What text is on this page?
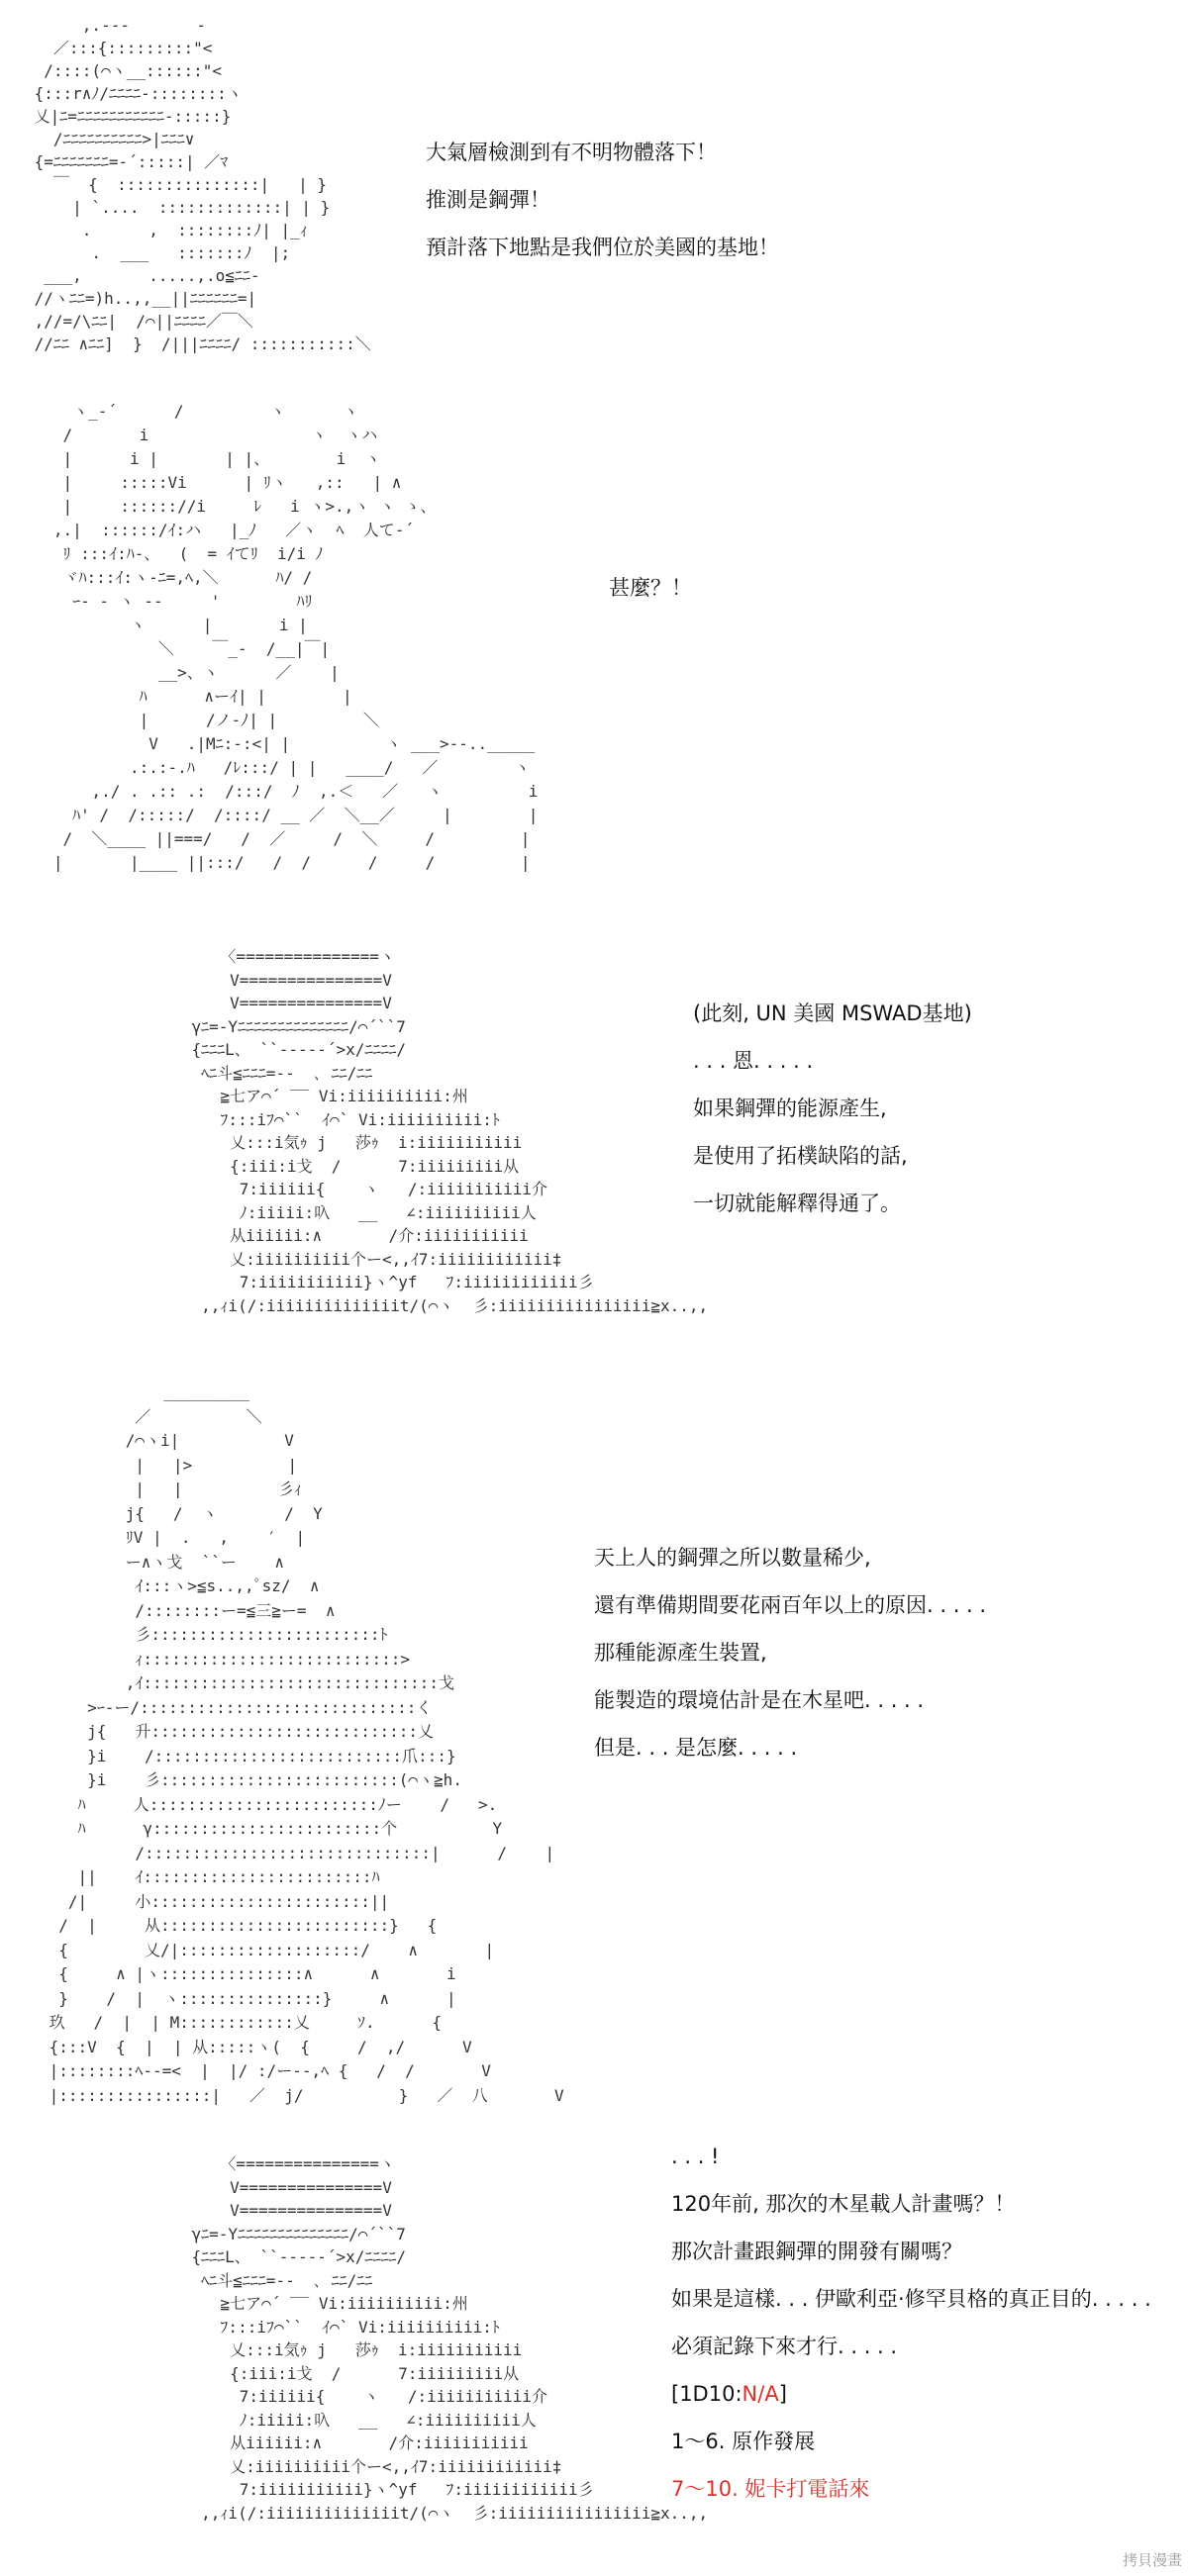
,.---       -
／:::{:::::::::"<
/::::(⌒ヽ__::::::"<
{:::r∧ﾉ/ﾆﾆﾆﾆ-::::::::ヽ
乂|ﾆ=ﾆﾆﾆﾆﾆﾆﾆﾆﾆﾆﾆ-:::::}
/ﾆﾆﾆﾆﾆﾆﾆﾆﾆﾆ>|ﾆﾆﾆ∨
{=ﾆﾆﾆﾆﾆﾆﾆ=-´:::::| ／ﾏ
￣  {  :::::::::::::::|   | }
| `....  :::::::::::::| | }
.      ,  ::::::::ﾉ| |_ｨ
.  ___   :::::::ﾉ  |;
___,       .....,.o≦ﾆﾆ-
//ヽﾆﾆ=)h..,,__||ﾆﾆﾆﾆﾆﾆ=|
,//=/\ﾆﾆ|  /⌒||ﾆﾆﾆﾆ／￣＼
//ﾆﾆ ∧ﾆﾆ]  }  /|||ﾆﾆﾆﾆ/ :::::::::::＼
大氣層檢測到有不明物體落下！
推測是鋼彈！
預計落下地點是我們位於美國的基地！
ヽ_-´      /         ヽ      ヽ
/       i                 ヽ  ヽハ
|      i |       | |、       i  ヽ
|     :::::Vi      | ﾘヽ   ,::   | ∧
|     :::::://i     ﾚ   i ヽ>.,ヽ ヽ ゝ、
,.|  ::::::/ｲ:ハ   |_ﾉ   ／ヽ  ﾍ  人て‐´
ﾘ :::ｲ:ﾊ-、  (  = ｲてﾘ  i/i ﾉ
ヾﾊ:::ｲ:ヽ-ﾆ=,ﾍ,＼      ﾊ/ /
ｰ- ‐ ヽ ‐-     '        ﾊﾘ
ヽ      |       i |
＼    ￣_-  /__|￣|
__>、ヽ      ／    |
ﾊ      ∧ーｲ| |        |
|      /ノ-ﾉ| |         ＼
V   .|Mﾆ:-:<| |          ヽ ___>‐-.._____
.:.:-.ﾊ   /ﾚ:::/ | |   ____/   ／        ヽ
,./ . .:: .:  /:::/  ﾉ  ,.＜   ／   ヽ         i
ﾊ' /  /:::::/  /::::/ __ ／  ＼__／     |        |
/  ＼____ ||===/   /  ／     /  ＼     /         |
|       |____ ||:::/   /  /      /     /         |
甚麼？！
〈===============ヽ
V===============V
V===============V
γﾆ=-Yﾆﾆﾆﾆﾆﾆﾆﾆﾆﾆﾆﾆﾆﾆ/⌒´``7
{ﾆﾆﾆL、 ``-----´>x/ﾆﾆﾆﾆ/
ﾍﾆ斗≦ﾆﾆﾆ=--  ､ ﾆﾆ/ﾆﾆ
≧七ア⌒´ ‾‾ Vi:iiiiiiiiii:州
ﾌ:::iﾌ⌒``  ｲ⌒` Vi:iiiiiiiiii:ﾄ
乂:::i気ｩ j   莎ｩ  i:iiiiiiiiiii
{:iii:i戈  /      7:iiiiiiiii从
7:iiiiii{    ヽ   /:iiiiiiiiiii介
ﾉ:iiiii:叺   __   ∠:iiiiiiiiii人
从iiiiii:∧       /介:iiiiiiiiiii
乂:iiiiiiiiii个ー<,,ｲ7:iiiiiiiiiiii‡
7:iiiiiiiiiii}ヽ^yf   ﾌ:iiiiiiiiiiii彡
,,ｨi(/:iiiiiiiiiiiiiit/(⌒ヽ  彡:iiiiiiiiiiiiiiii≧x..,,
(此刻, UN 美國 MSWAD基地)
. . . 恩. . . . .
如果鋼彈的能源產生,
是使用了拓樸缺陷的話,
一切就能解釋得通了。
_________
／          ＼
/⌒ヽi|           V
|   |>          |
|   |          彡ｨ
j{   /  ヽ       /  Y
ﾘV |  .   ,    ′  |
ー∧ヽ戈  ``ー    ∧
ｲ:::ヽ>≦s..,,ﾟsz/  ∧
/::::::::ー=≦三≧ー=  ∧
彡::::::::::::::::::::::::ﾄ
ｨ:::::::::::::::::::::::::::>
,ｲ:::::::::::::::::::::::::::::::戈
>ｰ‐ー/:::::::::::::::::::::::::::::く
j{   升::::::::::::::::::::::::::::乂
}i    /::::::::::::::::::::::::::爪:::}
}i    彡:::::::::::::::::::::::::(⌒ヽ≧h.
ﾊ     人::::::::::::::::::::::::ﾉー    /   >.
ﾊ      γ::::::::::::::::::::::::个          Y
/::::::::::::::::::::::::::::::|      /    |
||    ｲ::::::::::::::::::::::::ﾊ
/|     小:::::::::::::::::::::::||
/  |     从::::::::::::::::::::::::}   {
{        乂/|:::::::::::::::::::/    ∧       |
{     ∧ |ヽ:::::::::::::::∧      ∧       i
}    /  |  ヽ:::::::::::::::}     ∧      |
玖   /  |  | M::::::::::::乂     ｿ.      {
{:::V  {  |  | 从:::::ヽ(  {     /  ,/      V
|::::::::ﾍ--=<  |  |/ :/ー--,ﾍ {   /  /       V
|::::::::::::::::|   ／  j/          }   ／  八       V
天上人的鋼彈之所以數量稀少,
還有準備期間要花兩百年以上的原因. . . . .
那種能源產生裝置,
能製造的環境估計是在木星吧. . . . .
但是. . . 是怎麼. . . . .
〈===============ヽ
V===============V
V===============V
γﾆ=-Yﾆﾆﾆﾆﾆﾆﾆﾆﾆﾆﾆﾆﾆﾆ/⌒´``7
{ﾆﾆﾆL、 ``-----´>x/ﾆﾆﾆﾆ/
ﾍﾆ斗≦ﾆﾆﾆ=--  ､ ﾆﾆ/ﾆﾆ
≧七ア⌒´ ‾‾ Vi:iiiiiiiiii:州
ﾌ:::iﾌ⌒``  ｲ⌒` Vi:iiiiiiiiii:ﾄ
乂:::i気ｩ j   莎ｩ  i:iiiiiiiiiii
{:iii:i戈  /      7:iiiiiiiii从
7:iiiiii{    ヽ   /:iiiiiiiiiii介
ﾉ:iiiii:叺   __   ∠:iiiiiiiiii人
从iiiiii:∧       /介:iiiiiiiiiii
乂:iiiiiiiiii个ー<,,ｲ7:iiiiiiiiiiii‡
7:iiiiiiiiiii}ヽ^yf   ﾌ:iiiiiiiiiiii彡
,,ｨi(/:iiiiiiiiiiiiiit/(⌒ヽ  彡:iiiiiiiiiiiiiiii≧x..,,
. . . !
120年前, 那次的木星載人計畫嗎？！
那次計畫跟鋼彈的開發有關嗎？
如果是這樣. . . 伊歐利亞·修罕貝格的真正目的. . . . .
必須記錄下來才行. . . . .
[1D10:N/A]
1～6. 原作發展
7～10. 妮卡打電話來
拷貝漫畫
